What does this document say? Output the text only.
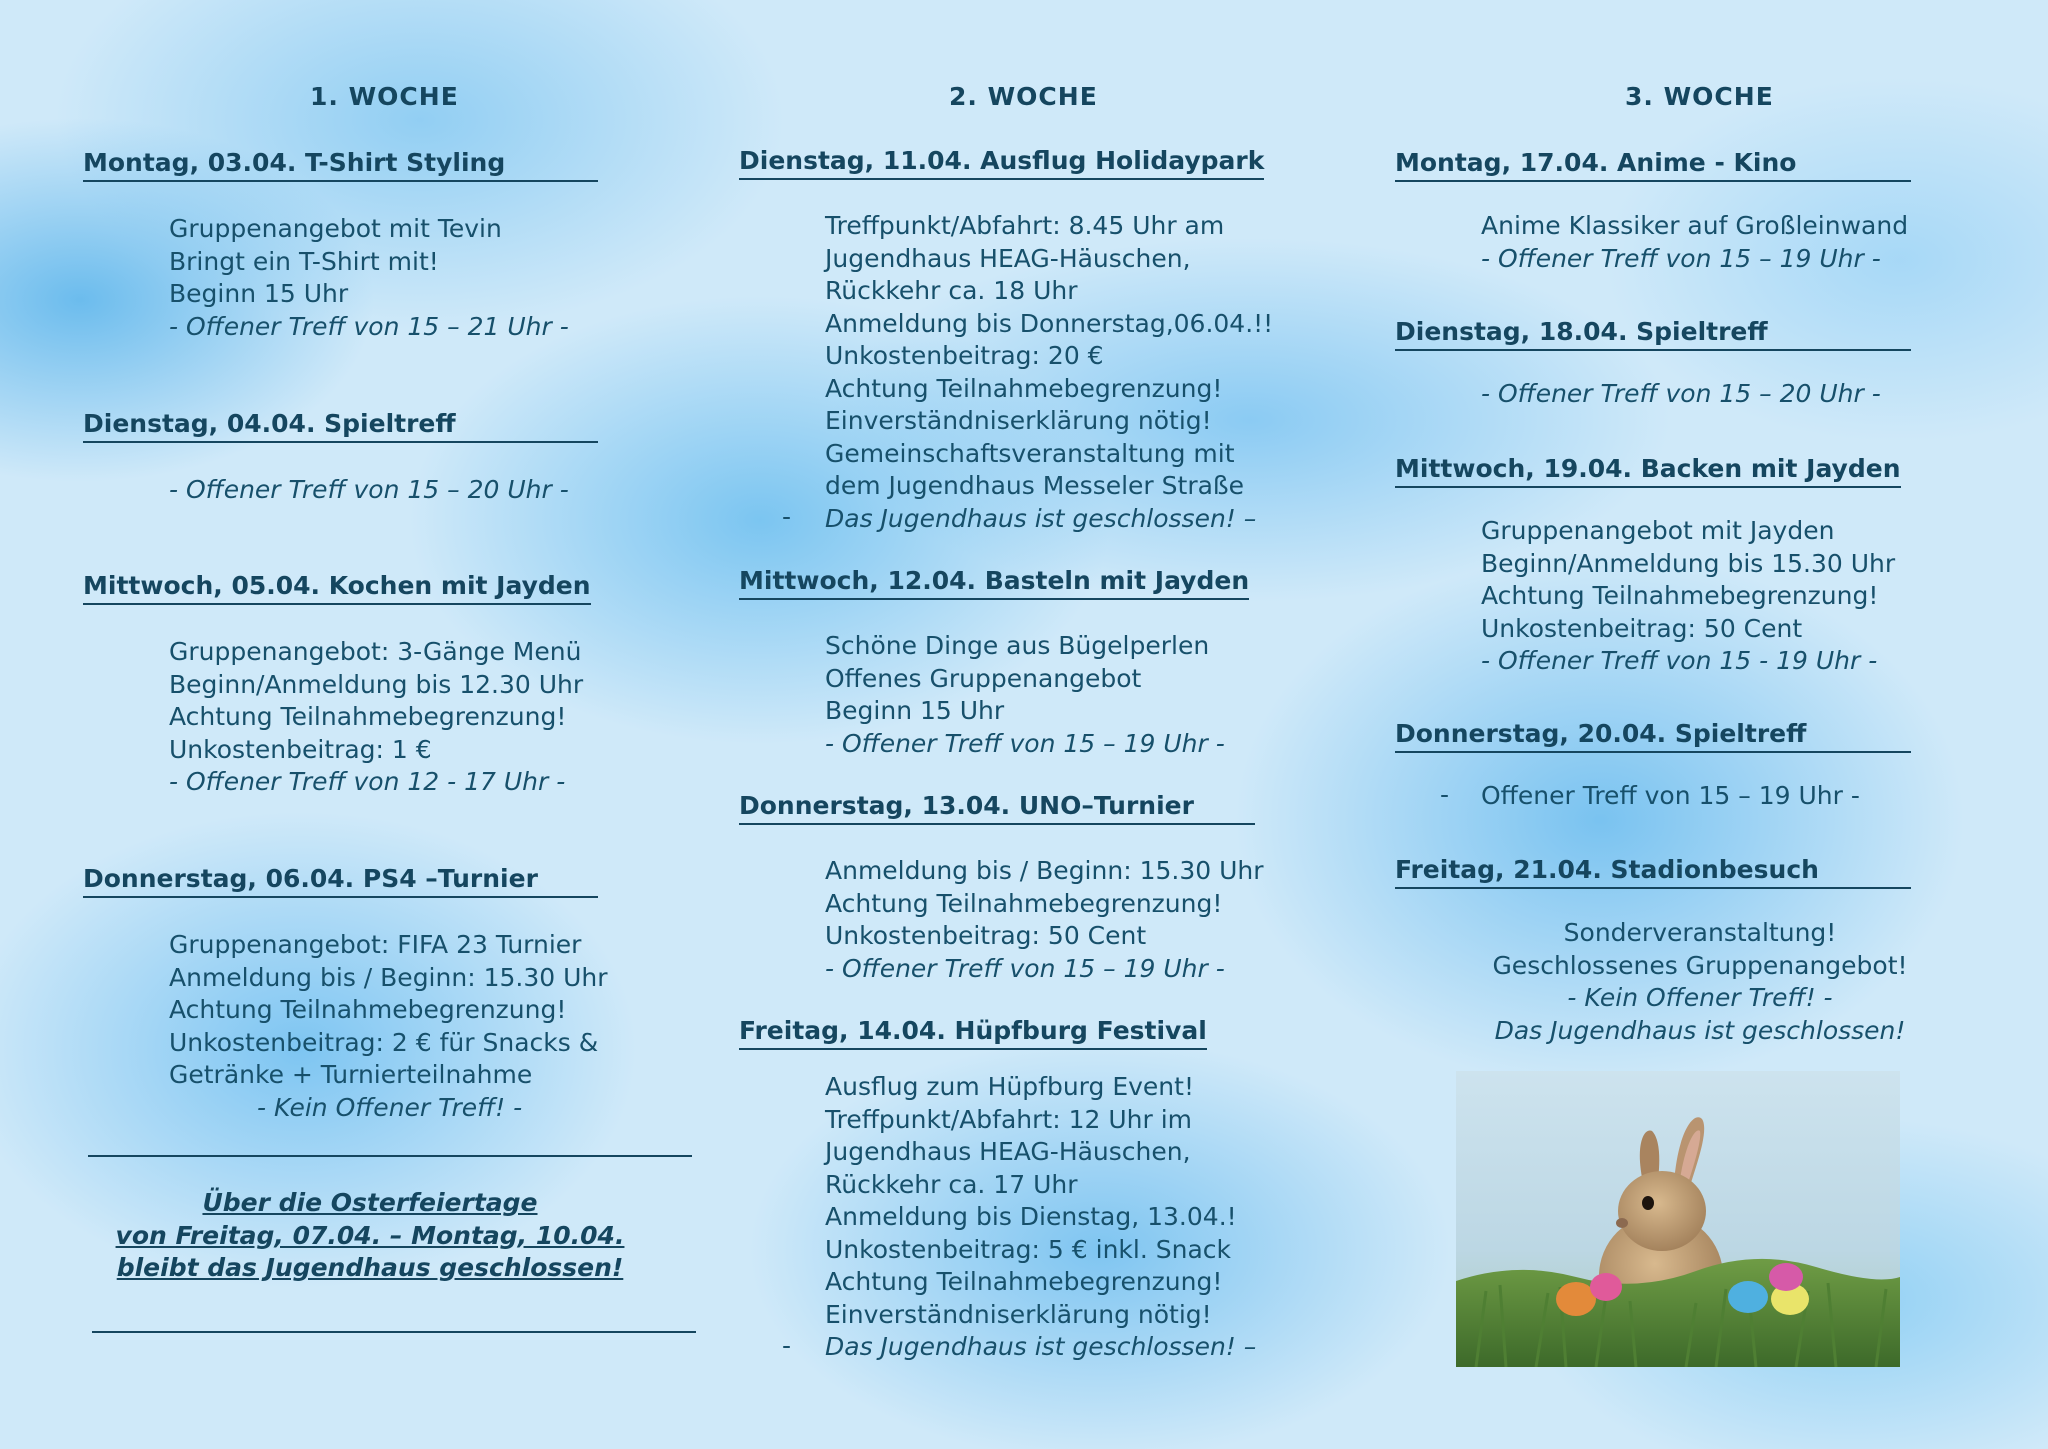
1. WOCHE
Montag, 03.04. T-Shirt Styling
Gruppenangebot mit Tevin
Bringt ein T-Shirt mit!
Beginn 15 Uhr
- Offener Treff von 15 – 21 Uhr -
Dienstag, 04.04. Spieltreff
- Offener Treff von 15 – 20 Uhr -
Mittwoch, 05.04. Kochen mit Jayden
Gruppenangebot: 3-Gänge Menü
Beginn/Anmeldung bis 12.30 Uhr
Achtung Teilnahmebegrenzung!
Unkostenbeitrag: 1 €
- Offener Treff von 12 - 17 Uhr -
Donnerstag, 06.04. PS4 –Turnier
Gruppenangebot: FIFA 23 Turnier
Anmeldung bis / Beginn: 15.30 Uhr
Achtung Teilnahmebegrenzung!
Unkostenbeitrag: 2 € für Snacks &
Getränke + Turnierteilnahme
- Kein Offener Treff! -
Über die Osterfeiertage
von Freitag, 07.04. – Montag, 10.04.
bleibt das Jugendhaus geschlossen!
2. WOCHE
Dienstag, 11.04. Ausflug Holidaypark
Treffpunkt/Abfahrt: 8.45 Uhr am
Jugendhaus HEAG-Häuschen,
Rückkehr ca. 18 Uhr
Anmeldung bis Donnerstag,06.04.!!
Unkostenbeitrag: 20 €
Achtung Teilnahmebegrenzung!
Einverständniserklärung nötig!
Gemeinschaftsveranstaltung mit
dem Jugendhaus Messeler Straße
Das Jugendhaus ist geschlossen! –
-
Mittwoch, 12.04. Basteln mit Jayden
Schöne Dinge aus Bügelperlen
Offenes Gruppenangebot
Beginn 15 Uhr
- Offener Treff von 15 – 19 Uhr -
Donnerstag, 13.04. UNO–Turnier
Anmeldung bis / Beginn: 15.30 Uhr
Achtung Teilnahmebegrenzung!
Unkostenbeitrag: 50 Cent
- Offener Treff von 15 – 19 Uhr -
Freitag, 14.04. Hüpfburg Festival
Ausflug zum Hüpfburg Event!
Treffpunkt/Abfahrt: 12 Uhr im
Jugendhaus HEAG-Häuschen,
Rückkehr ca. 17 Uhr
Anmeldung bis Dienstag, 13.04.!
Unkostenbeitrag: 5 € inkl. Snack
Achtung Teilnahmebegrenzung!
Einverständniserklärung nötig!
Das Jugendhaus ist geschlossen! –
-
3. WOCHE
Montag, 17.04. Anime - Kino
Anime Klassiker auf Großleinwand
- Offener Treff von 15 – 19 Uhr -
Dienstag, 18.04. Spieltreff
- Offener Treff von 15 – 20 Uhr -
Mittwoch, 19.04. Backen mit Jayden
Gruppenangebot mit Jayden
Beginn/Anmeldung bis 15.30 Uhr
Achtung Teilnahmebegrenzung!
Unkostenbeitrag: 50 Cent
- Offener Treff von 15 - 19 Uhr -
Donnerstag, 20.04. Spieltreff
- Offener Treff von 15 – 19 Uhr -
Freitag, 21.04. Stadionbesuch
Sonderveranstaltung!
Geschlossenes Gruppenangebot!
- Kein Offener Treff! -
Das Jugendhaus ist geschlossen!
